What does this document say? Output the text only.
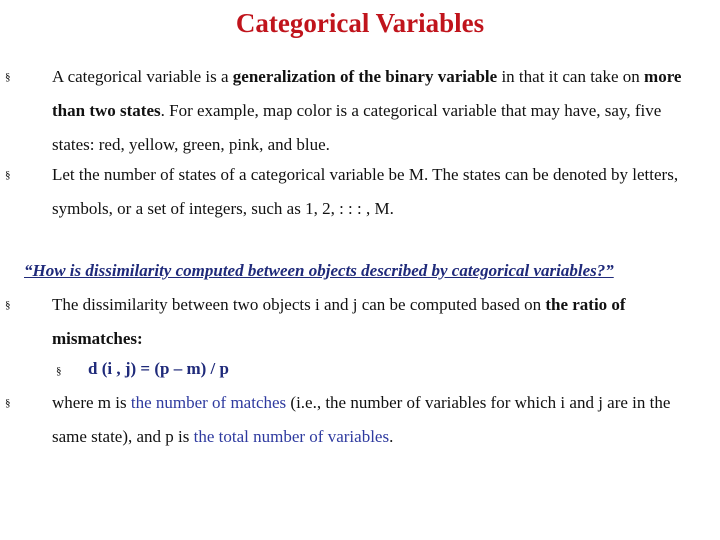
Categorical Variables
§	A categorical variable is a generalization of the binary variable in that it can take on more than two states. For example, map color is a categorical variable that may have, say, five states: red, yellow, green, pink, and blue.
§	Let the number of states of a categorical variable be M. The states can be denoted by letters, symbols, or a set of integers, such as 1, 2, : : : , M.
“How is dissimilarity computed between objects described by categorical variables?”
§	The dissimilarity between two objects i and j can be computed based on the ratio of mismatches:
§ d (i , j) = (p – m) / p
§	where m is the number of matches (i.e., the number of variables for which i and j are in the same state), and p is the total number of variables.
